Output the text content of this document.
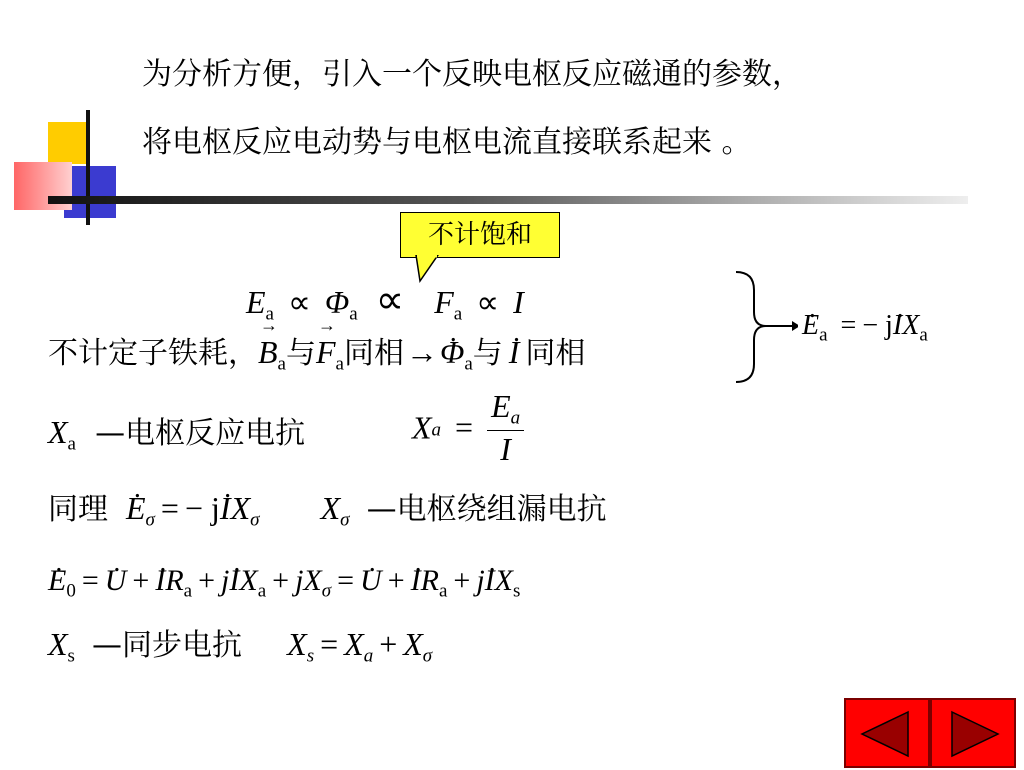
为分析方便，引入一个反映电枢反应磁通的参数，
将电枢反应电动势与电枢电流直接联系起来 。
不计饱和
$E_a \propto \Phi_a \propto F_a \propto I$
不计定子铁耗，→ Ba与→ Fa同相→. Φa与 . I 同相
. $E_a$ = − j. $IX_a$
Xa —电枢反应电抗	$Xa = \frac{E_a}{I}$
同理 . Eσ = − j. IXσ Xσ —电枢绕组漏电抗
. $E_0$ = . U + . $IR_a + j$. $IX_a + jX_\sigma$ = . U + . $IR_a + j$. $IX_s$
Xs —同步电抗 Xs = Xa + Xσ
